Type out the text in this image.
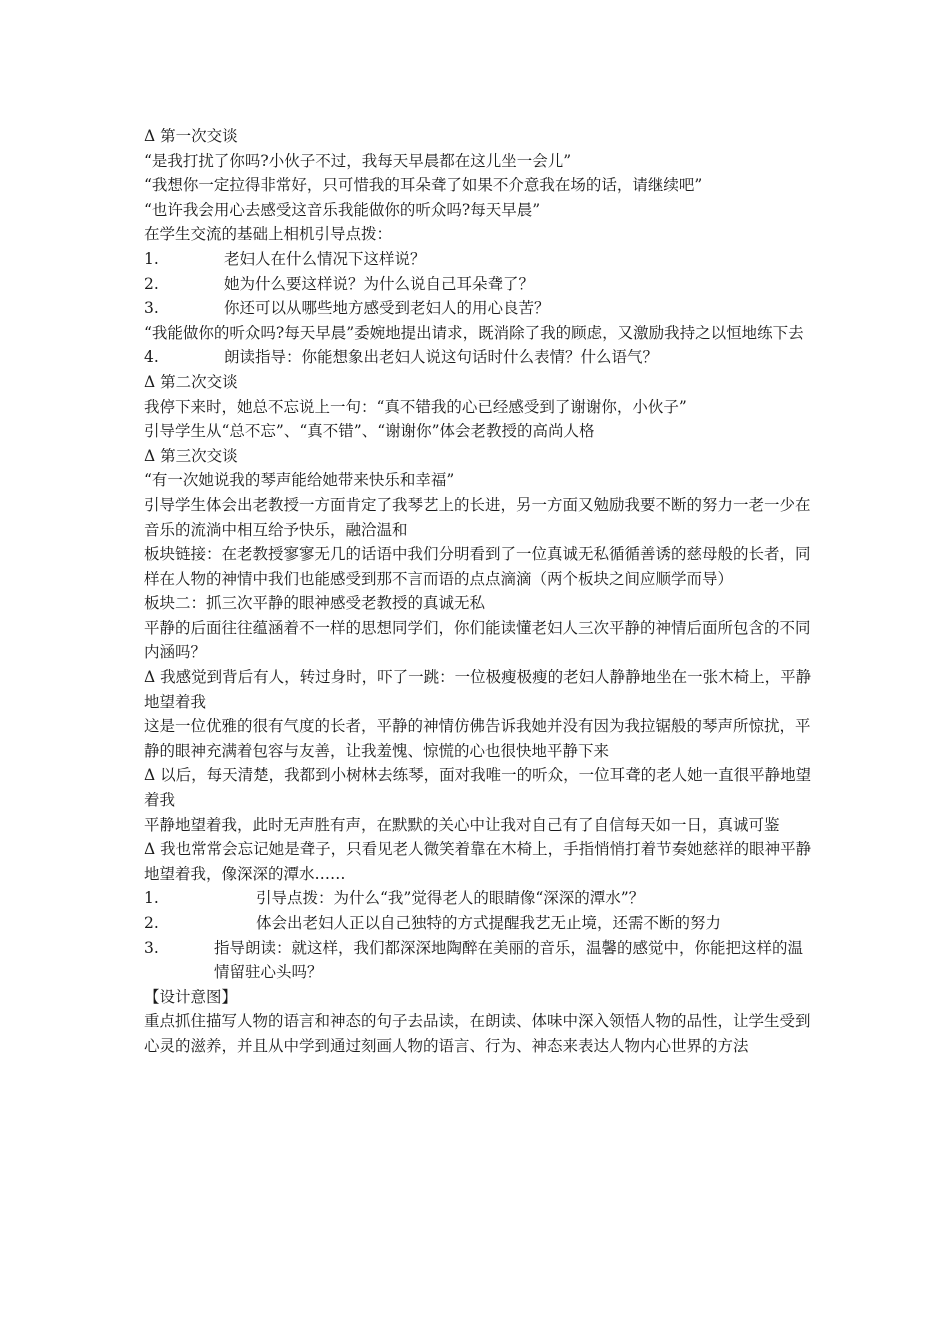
Δ 第一次交谈

“是我打扰了你吗?小伙子不过，我每天早晨都在这儿坐一会儿”

“我想你一定拉得非常好，只可惜我的耳朵聋了如果不介意我在场的话，请继续吧”

“也许我会用心去感受这音乐我能做你的听众吗?每天早晨”

在学生交流的基础上相机引导点拨：

1.	老妇人在什么情况下这样说？
2.	她为什么要这样说？为什么说自己耳朵聋了？
3.	你还可以从哪些地方感受到老妇人的用心良苦？

“我能做你的听众吗?每天早晨”委婉地提出请求，既消除了我的顾虑，又激励我持之以恒地练下去

4.	朗读指导：你能想象出老妇人说这句话时什么表情？什么语气？

Δ 第二次交谈

我停下来时，她总不忘说上一句：“真不错我的心已经感受到了谢谢你，小伙子”

引导学生从“总不忘”、“真不错”、“谢谢你”体会老教授的高尚人格

Δ 第三次交谈

“有一次她说我的琴声能给她带来快乐和幸福”

引导学生体会出老教授一方面肯定了我琴艺上的长进，另一方面又勉励我要不断的努力一老一少在音乐的流淌中相互给予快乐，融洽温和

板块链接：在老教授寥寥无几的话语中我们分明看到了一位真诚无私循循善诱的慈母般的长者，同样在人物的神情中我们也能感受到那不言而语的点点滴滴（两个板块之间应顺学而导）

板块二：抓三次平静的眼神感受老教授的真诚无私

平静的后面往往蕴涵着不一样的思想同学们，你们能读懂老妇人三次平静的神情后面所包含的不同内涵吗？

Δ 我感觉到背后有人，转过身时，吓了一跳：一位极瘦极瘦的老妇人静静地坐在一张木椅上，平静地望着我

这是一位优雅的很有气度的长者，平静的神情仿佛告诉我她并没有因为我拉锯般的琴声所惊扰，平静的眼神充满着包容与友善，让我羞愧、惊慌的心也很快地平静下来

Δ 以后，每天清楚，我都到小树林去练琴，面对我唯一的听众，一位耳聋的老人她一直很平静地望着我

平静地望着我，此时无声胜有声，在默默的关心中让我对自己有了自信每天如一日，真诚可鉴

Δ 我也常常会忘记她是聋子，只看见老人微笑着靠在木椅上，手指悄悄打着节奏她慈祥的眼神平静地望着我，像深深的潭水……

1.	引导点拨：为什么“我”觉得老人的眼睛像“深深的潭水”？
2.	体会出老妇人正以自己独特的方式提醒我艺无止境，还需不断的努力
3.	指导朗读：就这样，我们都深深地陶醉在美丽的音乐，温馨的感觉中，你能把这样的温情留驻心头吗？

【设计意图】

重点抓住描写人物的语言和神态的句子去品读，在朗读、体味中深入领悟人物的品性，让学生受到心灵的滋养，并且从中学到通过刻画人物的语言、行为、神态来表达人物内心世界的方法
